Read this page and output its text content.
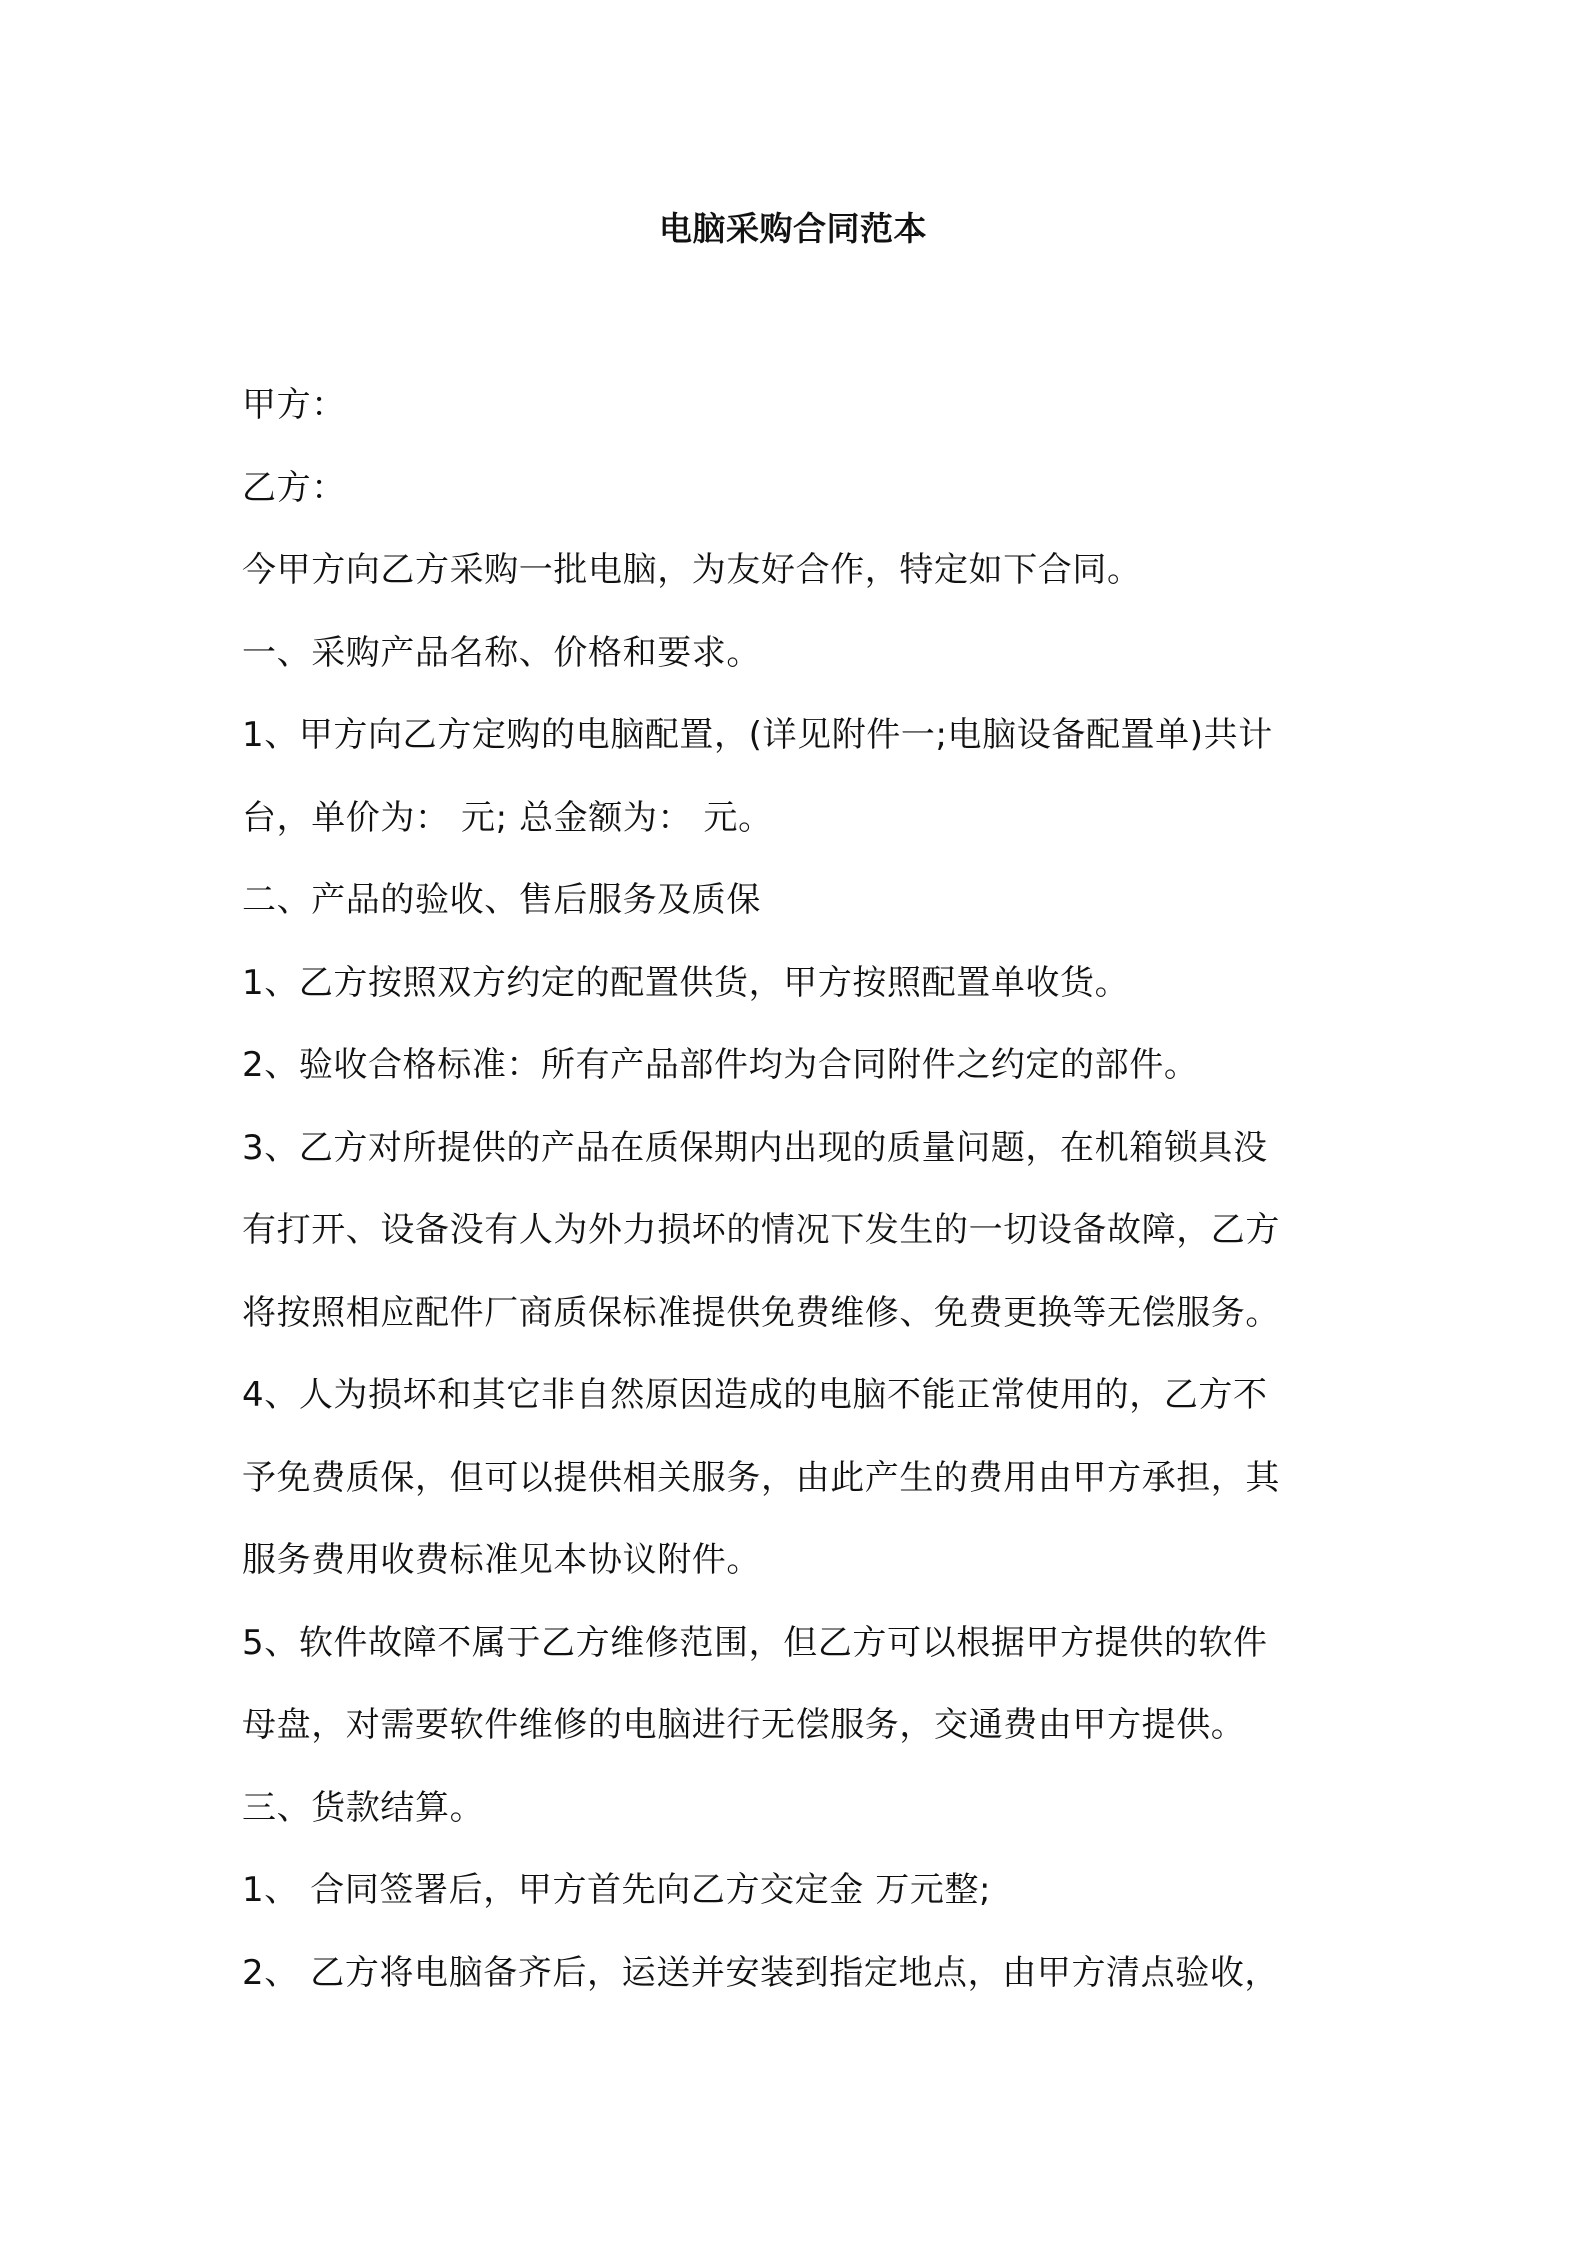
电脑采购合同范本
甲方：
乙方：
今甲方向乙方采购一批电脑，为友好合作，特定如下合同。
一、采购产品名称、价格和要求。
1、甲方向乙方定购的电脑配置，(详见附件一;电脑设备配置单)共计
台，单价为： 元; 总金额为： 元。
二、产品的验收、售后服务及质保
1、乙方按照双方约定的配置供货，甲方按照配置单收货。
2、验收合格标准：所有产品部件均为合同附件之约定的部件。
3、乙方对所提供的产品在质保期内出现的质量问题，在机箱锁具没
有打开、设备没有人为外力损坏的情况下发生的一切设备故障，乙方
将按照相应配件厂商质保标准提供免费维修、免费更换等无偿服务。
4、人为损坏和其它非自然原因造成的电脑不能正常使用的，乙方不
予免费质保，但可以提供相关服务，由此产生的费用由甲方承担，其
服务费用收费标准见本协议附件。
5、软件故障不属于乙方维修范围，但乙方可以根据甲方提供的软件
母盘，对需要软件维修的电脑进行无偿服务，交通费由甲方提供。
三、货款结算。
1、 合同签署后，甲方首先向乙方交定金 万元整;
2、 乙方将电脑备齐后，运送并安装到指定地点，由甲方清点验收，
